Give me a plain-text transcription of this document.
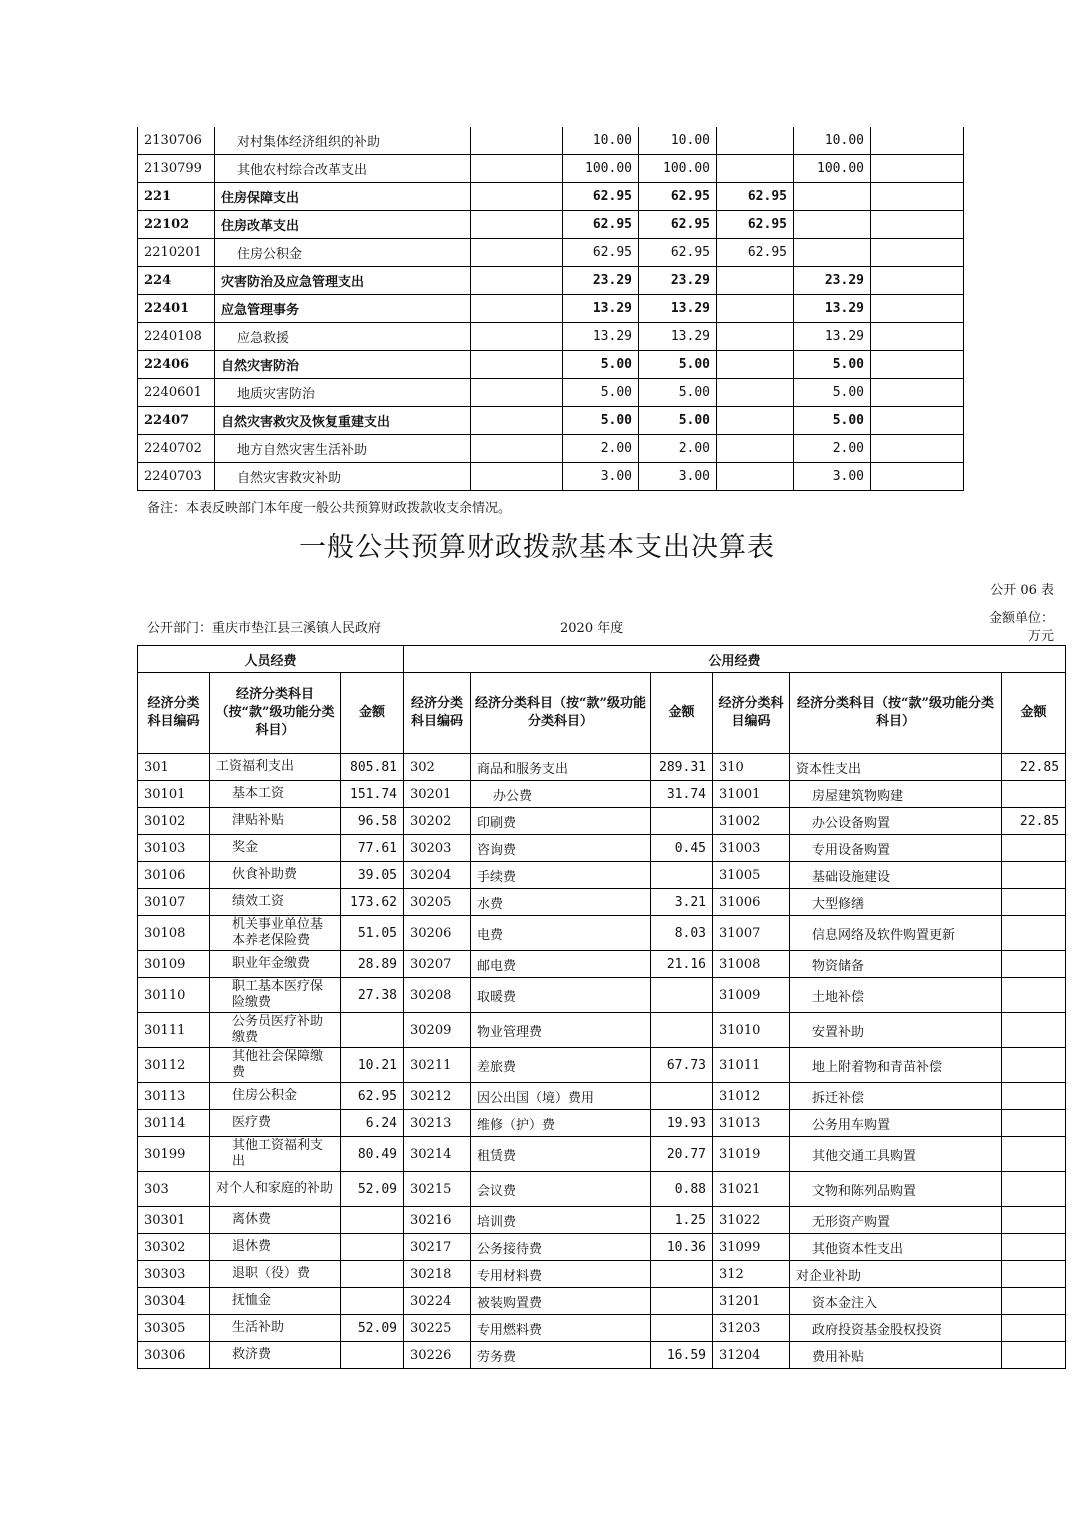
2130706	对村集体经济组织的补助		10.00	10.00		10.00	
2130799	其他农村综合改革支出		100.00	100.00		100.00	
221	住房保障支出		62.95	62.95	62.95		
22102	住房改革支出		62.95	62.95	62.95		
2210201	住房公积金		62.95	62.95	62.95		
224	灾害防治及应急管理支出		23.29	23.29		23.29	
22401	应急管理事务		13.29	13.29		13.29	
2240108	应急救援		13.29	13.29		13.29	
22406	自然灾害防治		5.00	5.00		5.00	
2240601	地质灾害防治		5.00	5.00		5.00	
22407	自然灾害救灾及恢复重建支出		5.00	5.00		5.00	
2240702	地方自然灾害生活补助		2.00	2.00		2.00	
2240703	自然灾害救灾补助		3.00	3.00		3.00	
备注：本表反映部门本年度一般公共预算财政拨款收支余情况。
一般公共预算财政拨款基本支出决算表
公开 06 表
金额单位：
万元
公开部门：重庆市垫江县三溪镇人民政府	2020 年度
人员经费			公用经费					
经济分类科目编码	经济分类科目（按“款”级功能分类科目）	金额	经济分类科目编码	经济分类科目（按“款”级功能分类科目）	金额	经济分类科目编码	经济分类科目（按“款”级功能分类科目）	金额
301	工资福利支出	805.81	302	商品和服务支出	289.31	310	资本性支出	22.85
30101	基本工资	151.74	30201	办公费	31.74	31001	房屋建筑物购建	
30102	津贴补贴	96.58	30202	印刷费		31002	办公设备购置	22.85
30103	奖金	77.61	30203	咨询费	0.45	31003	专用设备购置	
30106	伙食补助费	39.05	30204	手续费		31005	基础设施建设	
30107	绩效工资	173.62	30205	水费	3.21	31006	大型修缮	
30108	机关事业单位基本养老保险费	51.05	30206	电费	8.03	31007	信息网络及软件购置更新	
30109	职业年金缴费	28.89	30207	邮电费	21.16	31008	物资储备	
30110	职工基本医疗保险缴费	27.38	30208	取暖费		31009	土地补偿	
30111	公务员医疗补助缴费		30209	物业管理费		31010	安置补助	
30112	其他社会保障缴费	10.21	30211	差旅费	67.73	31011	地上附着物和青苗补偿	
30113	住房公积金	62.95	30212	因公出国（境）费用		31012	拆迁补偿	
30114	医疗费	6.24	30213	维修（护）费	19.93	31013	公务用车购置	
30199	其他工资福利支出	80.49	30214	租赁费	20.77	31019	其他交通工具购置	
303	对个人和家庭的补助	52.09	30215	会议费	0.88	31021	文物和陈列品购置	
30301	离休费		30216	培训费	1.25	31022	无形资产购置	
30302	退休费		30217	公务接待费	10.36	31099	其他资本性支出	
30303	退职（役）费		30218	专用材料费		312	对企业补助	
30304	抚恤金		30224	被装购置费		31201	资本金注入	
30305	生活补助	52.09	30225	专用燃料费		31203	政府投资基金股权投资	
30306	救济费		30226	劳务费	16.59	31204	费用补贴	
